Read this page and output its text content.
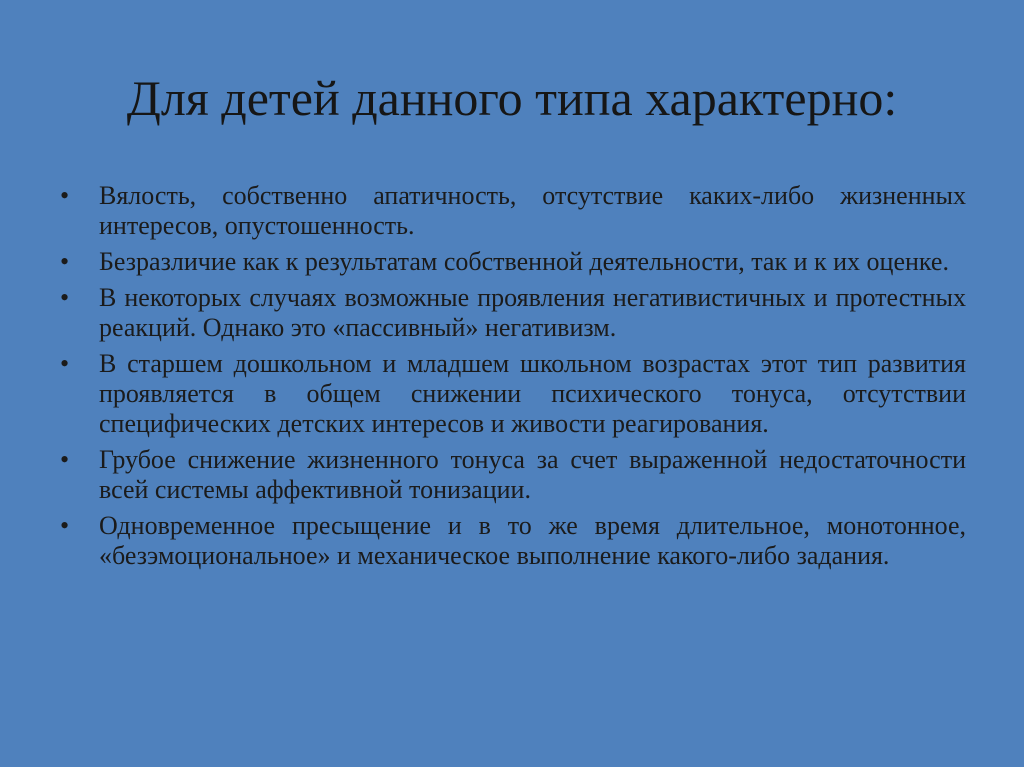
Для детей данного типа характерно:
•	Вялость, собственно апатичность, отсутствие каких-либо жизненных интересов, опустошенность.
•	Безразличие как к результатам собственной деятельности, так и к их оценке.
•	В некоторых случаях возможные проявления негативистичных и протестных реакций. Однако это «пассивный» негативизм.
•	В старшем дошкольном и младшем школьном возрастах этот тип развития проявляется в общем снижении психического тонуса, отсутствии специфических детских интересов и живости реагирования.
•	Грубое снижение жизненного тонуса за счет выраженной недостаточности всей системы аффективной тонизации.
•	Одновременное пресыщение и в то же время длительное, монотонное, «безэмоциональное» и механическое выполнение какого-либо задания.
